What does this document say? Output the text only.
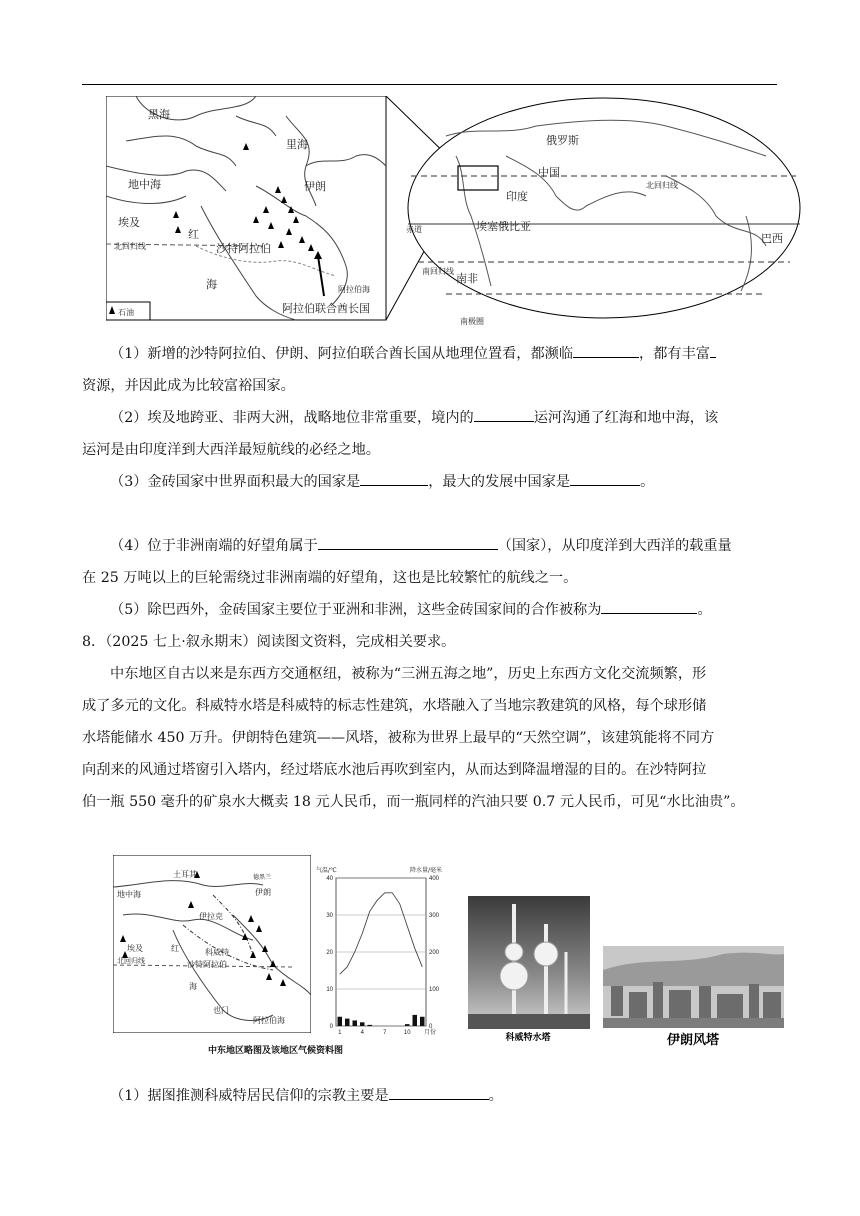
黑海
里海
地中海	伊朗
埃及
红
海
沙特阿拉伯
北回归线
阿拉伯海
阿拉伯联合酋长国
石油
俄罗斯
中国
北回归线
印度
赤道	埃塞俄比亚
巴西
南回归线
南非
南极圈
（1）新增的沙特阿拉伯、伊朗、阿拉伯联合酋长国从地理位置看，都濒临	，都有丰富
资源，并因此成为比较富裕国家。
（2）埃及地跨亚、非两大洲，战略地位非常重要，境内的	运河沟通了红海和地中海，该
运河是由印度洋到大西洋最短航线的必经之地。
（3）金砖国家中世界面积最大的国家是	，最大的发展中国家是	。
（4）位于非洲南端的好望角属于	（国家），从印度洋到大西洋的载重量
在 25 万吨以上的巨轮需绕过非洲南端的好望角，这也是比较繁忙的航线之一。
（5）除巴西外，金砖国家主要位于亚洲和非洲，这些金砖国家间的合作被称为	。
8．（2025 七上·叙永期末）阅读图文资料，完成相关要求。
中东地区自古以来是东西方交通枢纽，被称为“三洲五海之地”，历史上东西方文化交流频繁，形
成了多元的文化。科威特水塔是科威特的标志性建筑，水塔融入了当地宗教建筑的风格，每个球形储
水塔能储水 450 万升。伊朗特色建筑——风塔，被称为世界上最早的“天然空调”，该建筑能将不同方
向刮来的风通过塔窗引入塔内，经过塔底水池后再吹到室内，从而达到降温增湿的目的。在沙特阿拉
伯一瓶 550 毫升的矿泉水大概卖 18 元人民币，而一瓶同样的汽油只要 0.7 元人民币，可见“水比油贵”。
土耳其
地中海
伊拉克
伊朗
埃及
北回归线
红	科威特
沙特阿拉伯
海
也门
阿拉伯海
德黑兰
气温/℃	降水量/毫米
0	0
10	100
20	200
30	300
40	400
1	4	7	10 月份
中东地区略图及该地区气候资料图
科威特水塔	伊朗风塔
（1）据图推测科威特居民信仰的宗教主要是	。
